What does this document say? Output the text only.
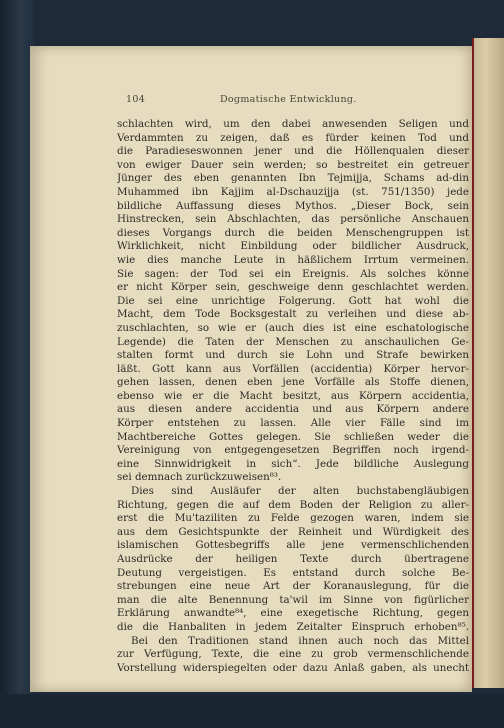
104	Dogmatische Entwicklung.
schlachten wird, um den dabei anwesenden Seligen und
Verdammten zu zeigen, daß es fürder keinen Tod und
die Paradieseswonnen jener und die Höllenqualen dieser
von ewiger Dauer sein werden; so bestreitet ein getreuer
Jünger des eben genannten Ibn Tejmijja, Schams ad-din
Muhammed ibn Kajjim al-Dschauzijja (st. 751/1350) jede
bildliche Auffassung dieses Mythos. „Dieser Bock, sein
Hinstrecken, sein Abschlachten, das persönliche Anschauen
dieses Vorgangs durch die beiden Menschengruppen ist
Wirklichkeit, nicht Einbildung oder bildlicher Ausdruck,
wie dies manche Leute in häßlichem Irrtum vermeinen.
Sie sagen: der Tod sei ein Ereignis. Als solches könne
er nicht Körper sein, geschweige denn geschlachtet werden.
Die sei eine unrichtige Folgerung. Gott hat wohl die
Macht, dem Tode Bocksgestalt zu verleihen und diese ab-
zuschlachten, so wie er (auch dies ist eine eschatologische
Legende) die Taten der Menschen zu anschaulichen Ge-
stalten formt und durch sie Lohn und Strafe bewirken
läßt. Gott kann aus Vorfällen (accidentia) Körper hervor-
gehen lassen, denen eben jene Vorfälle als Stoffe dienen,
ebenso wie er die Macht besitzt, aus Körpern accidentia,
aus diesen andere accidentia und aus Körpern andere
Körper entstehen zu lassen. Alle vier Fälle sind im
Machtbereiche Gottes gelegen. Sie schließen weder die
Vereinigung von entgegengesetzen Begriffen noch irgend-
eine Sinnwidrigkeit in sich“. Jede bildliche Auslegung
sei demnach zurückzuweisen⁸³.
Dies sind Ausläufer der alten buchstabengläubigen
Richtung, gegen die auf dem Boden der Religion zu aller-
erst die Mu'taziliten zu Felde gezogen waren, indem sie
aus dem Gesichtspunkte der Reinheit und Würdigkeit des
islamischen Gottesbegriffs alle jene vermenschlichenden
Ausdrücke der heiligen Texte durch übertragene
Deutung vergeistigen. Es entstand durch solche Be-
strebungen eine neue Art der Koranauslegung, für die
man die alte Benennung ta'wil im Sinne von figürlicher
Erklärung anwandte⁸⁴, eine exegetische Richtung, gegen
die die Hanbaliten in jedem Zeitalter Einspruch erhoben⁸⁵.
Bei den Traditionen stand ihnen auch noch das Mittel
zur Verfügung, Texte, die eine zu grob vermenschlichende
Vorstellung widerspiegelten oder dazu Anlaß gaben, als unecht
